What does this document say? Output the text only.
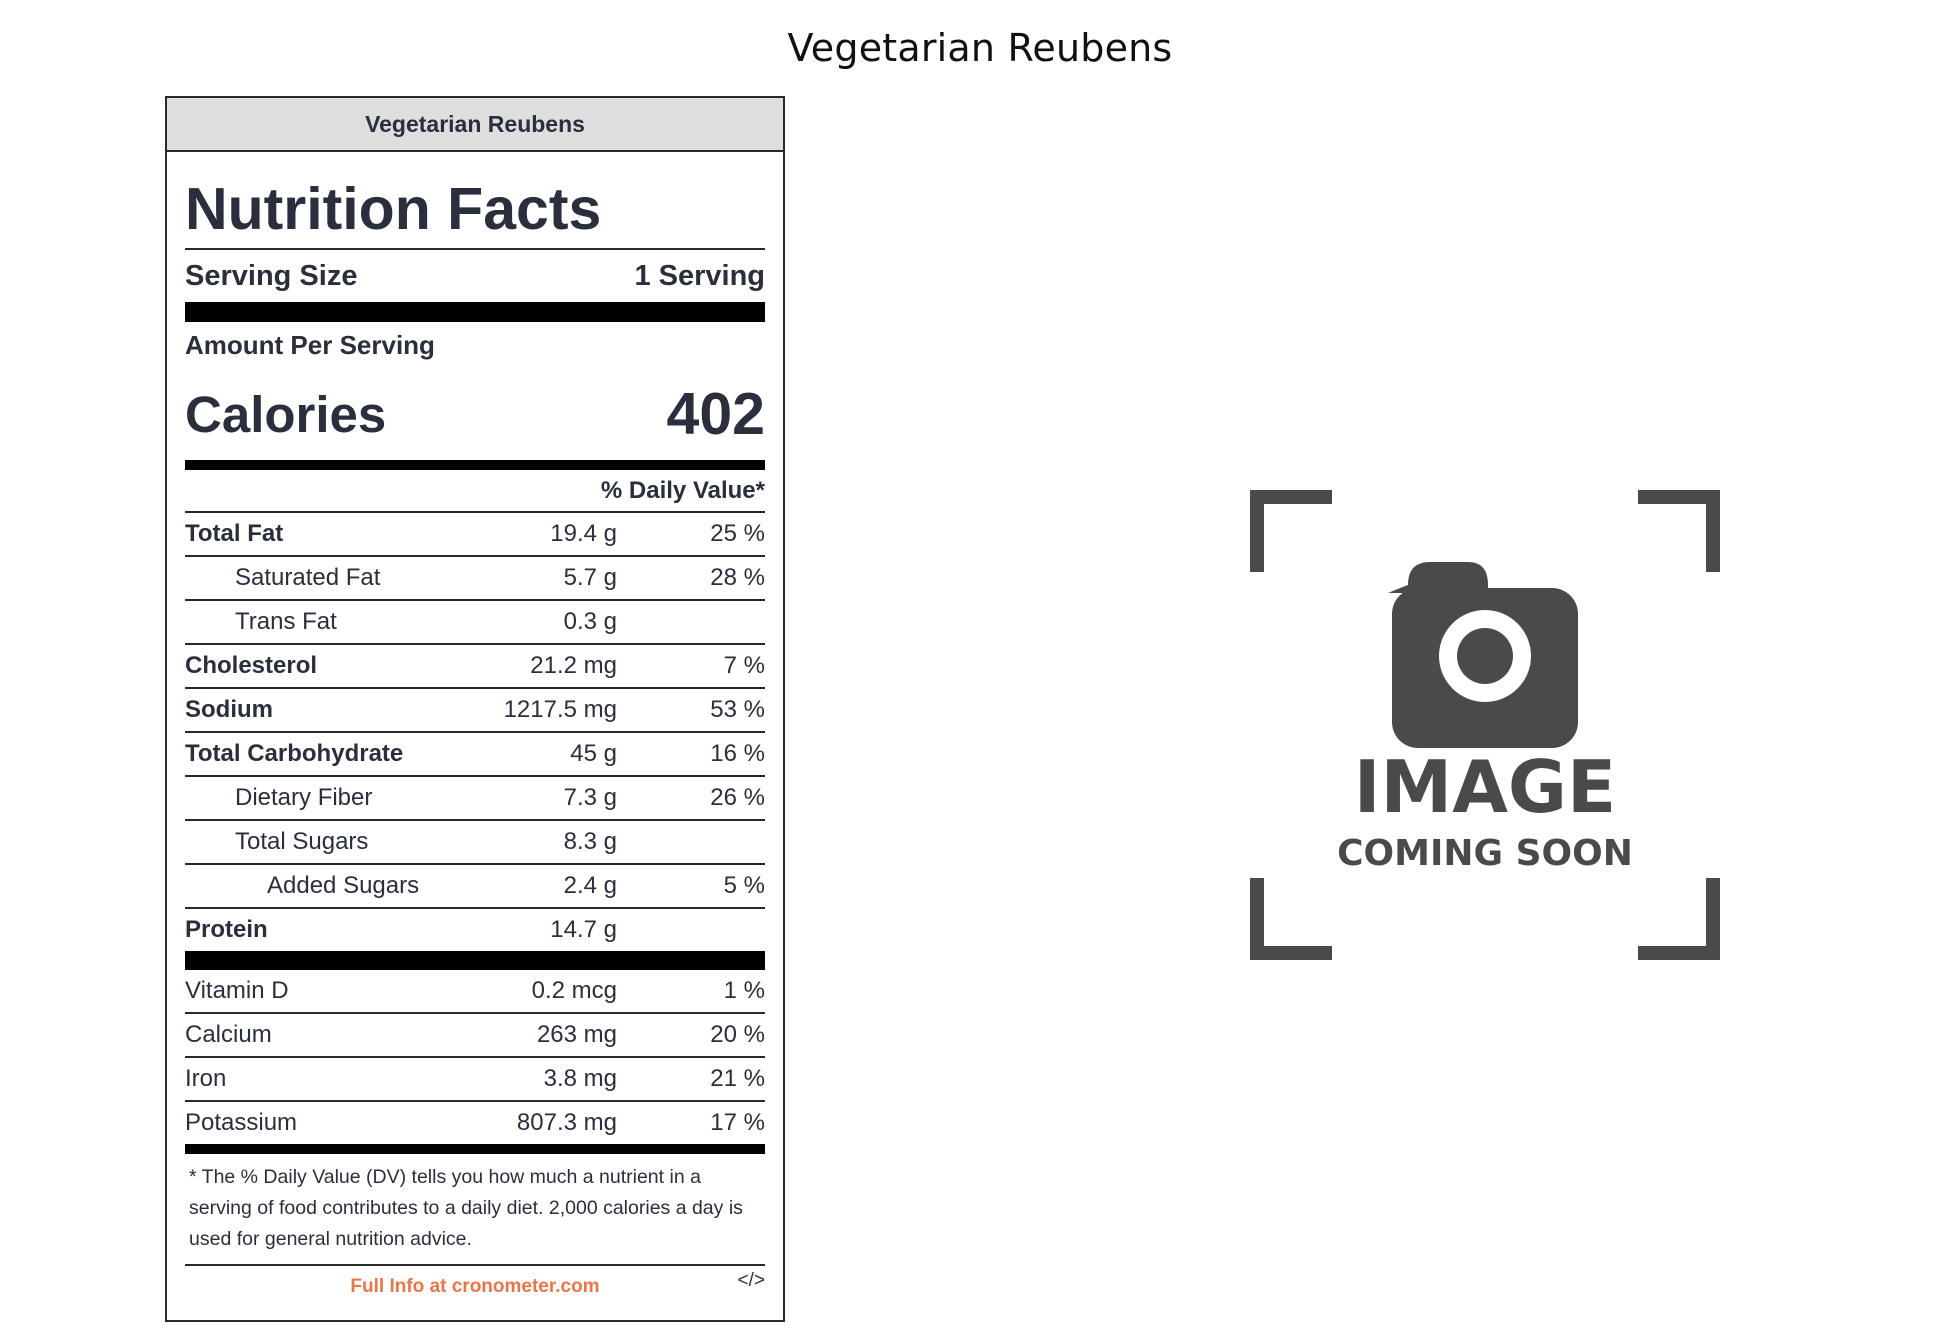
Vegetarian Reubens
Vegetarian Reubens
Nutrition Facts
Serving Size	1 Serving
Amount Per Serving
Calories	402
% Daily Value*
Total Fat	19.4 g	25 %
Saturated Fat	5.7 g	28 %
Trans Fat	0.3 g
Cholesterol	21.2 mg	7 %
Sodium	1217.5 mg	53 %
Total Carbohydrate	45 g	16 %
Dietary Fiber	7.3 g	26 %
Total Sugars	8.3 g
Added Sugars	2.4 g	5 %
Protein	14.7 g
Vitamin D	0.2 mcg	1 %
Calcium	263 mg	20 %
Iron	3.8 mg	21 %
Potassium	807.3 mg	17 %
* The % Daily Value (DV) tells you how much a nutrient in a serving of food contributes to a daily diet. 2,000 calories a day is used for general nutrition advice.
Full Info at cronometer.com	</>
IMAGE
COMING SOON
